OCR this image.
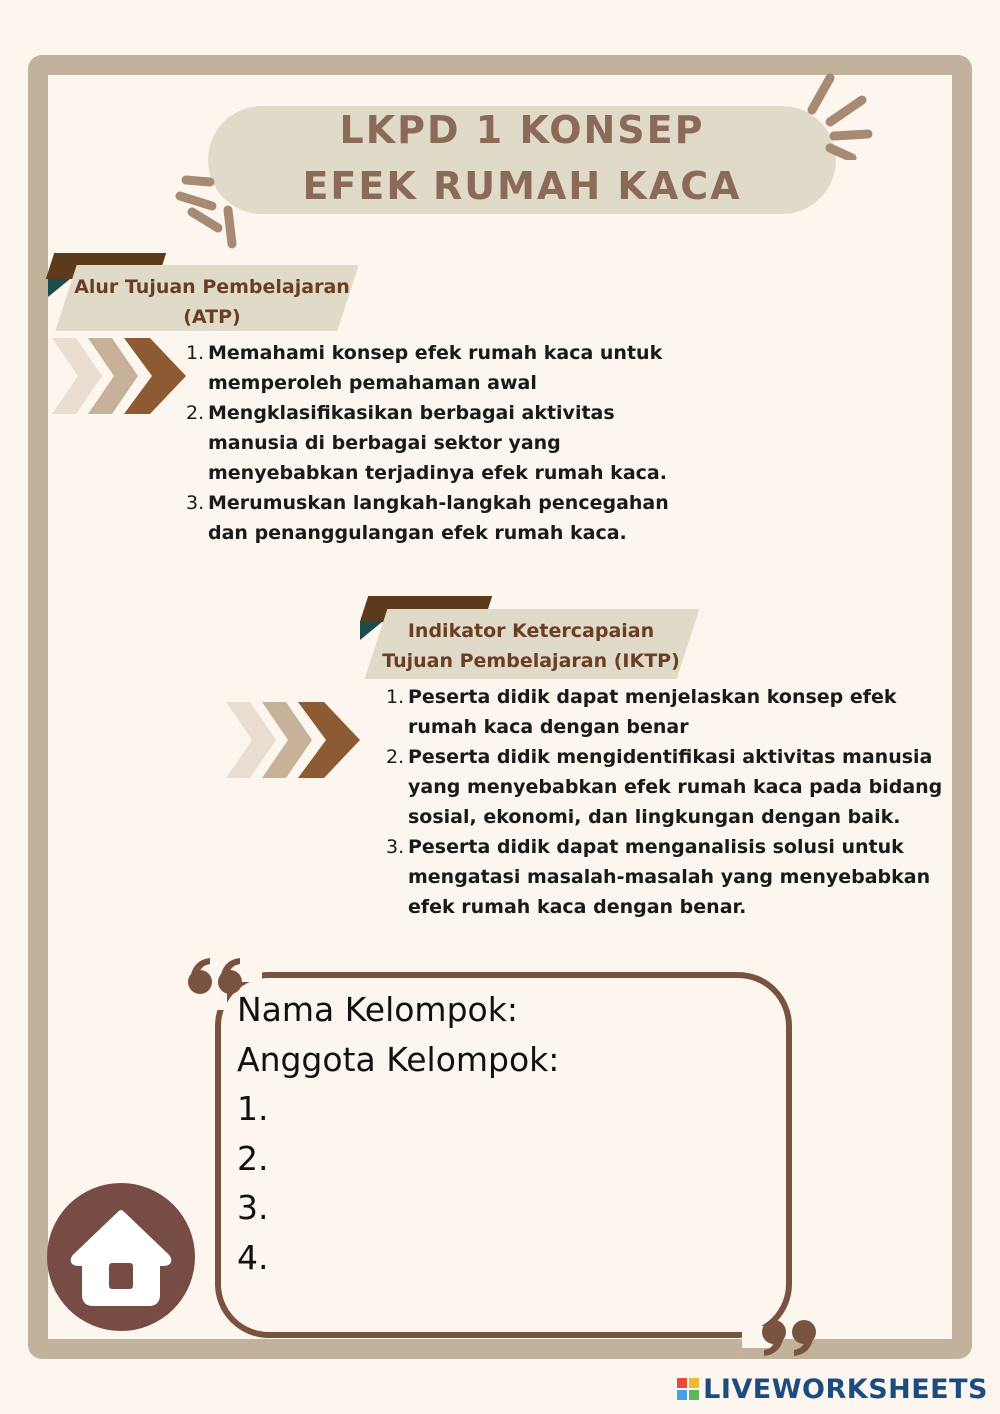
LKPD 1 KONSEP
EFEK RUMAH KACA
Alur Tujuan Pembelajaran
(ATP)
1. Memahami konsep efek rumah kaca untuk
memperoleh pemahaman awal
2. Mengklasifikasikan berbagai aktivitas
manusia di berbagai sektor yang
menyebabkan terjadinya efek rumah kaca.
3. Merumuskan langkah-langkah pencegahan
dan penanggulangan efek rumah kaca.
Indikator Ketercapaian
Tujuan Pembelajaran (IKTP)
1. Peserta didik dapat menjelaskan konsep efek
rumah kaca dengan benar
2. Peserta didik mengidentifikasi aktivitas manusia
yang menyebabkan efek rumah kaca pada bidang
sosial, ekonomi, dan lingkungan dengan baik.
3. Peserta didik dapat menganalisis solusi untuk
mengatasi masalah-masalah yang menyebabkan
efek rumah kaca dengan benar.
Nama Kelompok:
Anggota Kelompok:
1.
2.
3.
4.
LIVEWORKSHEETS
